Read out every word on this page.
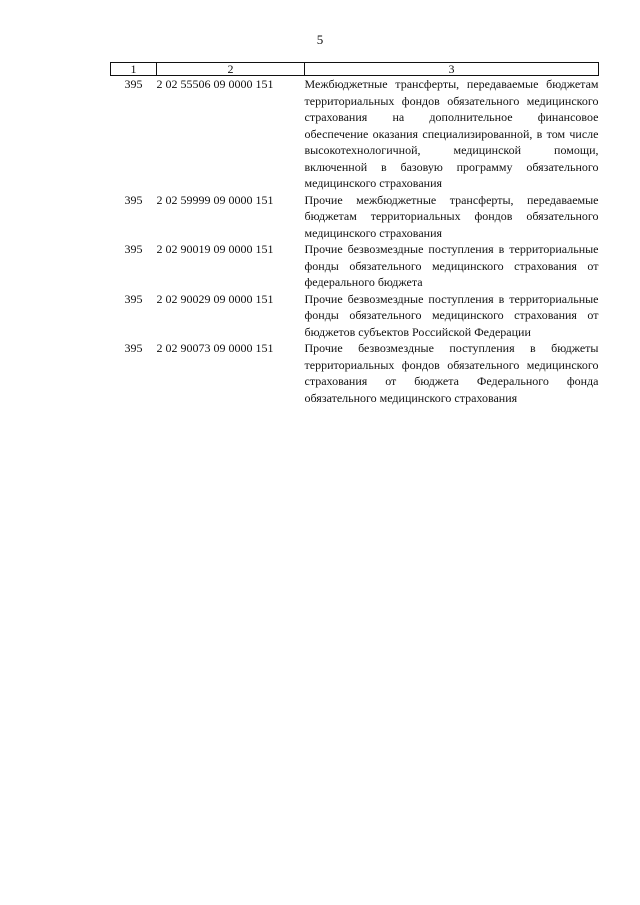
5
1	2	3
395	2 02 55506 09 0000 151	Межбюджетные трансферты, передаваемые бюджетам территориальных фондов обязательного медицинского страхования на дополнительное финансовое обеспечение оказания специализированной, в том числе высокотехнологичной, медицинской помощи, включенной в базовую программу обязательного медицинского страхования
395	2 02 59999 09 0000 151	Прочие межбюджетные трансферты, передаваемые бюджетам территориальных фондов обязательного медицинского страхования
395	2 02 90019 09 0000 151	Прочие безвозмездные поступления в территориальные фонды обязательного медицинского страхования от федерального бюджета
395	2 02 90029 09 0000 151	Прочие безвозмездные поступления в территориальные фонды обязательного медицинского страхования от бюджетов субъектов Российской Федерации
395	2 02 90073 09 0000 151	Прочие безвозмездные поступления в бюджеты территориальных фондов обязательного медицинского страхования от бюджета Федерального фонда обязательного медицинского страхования
